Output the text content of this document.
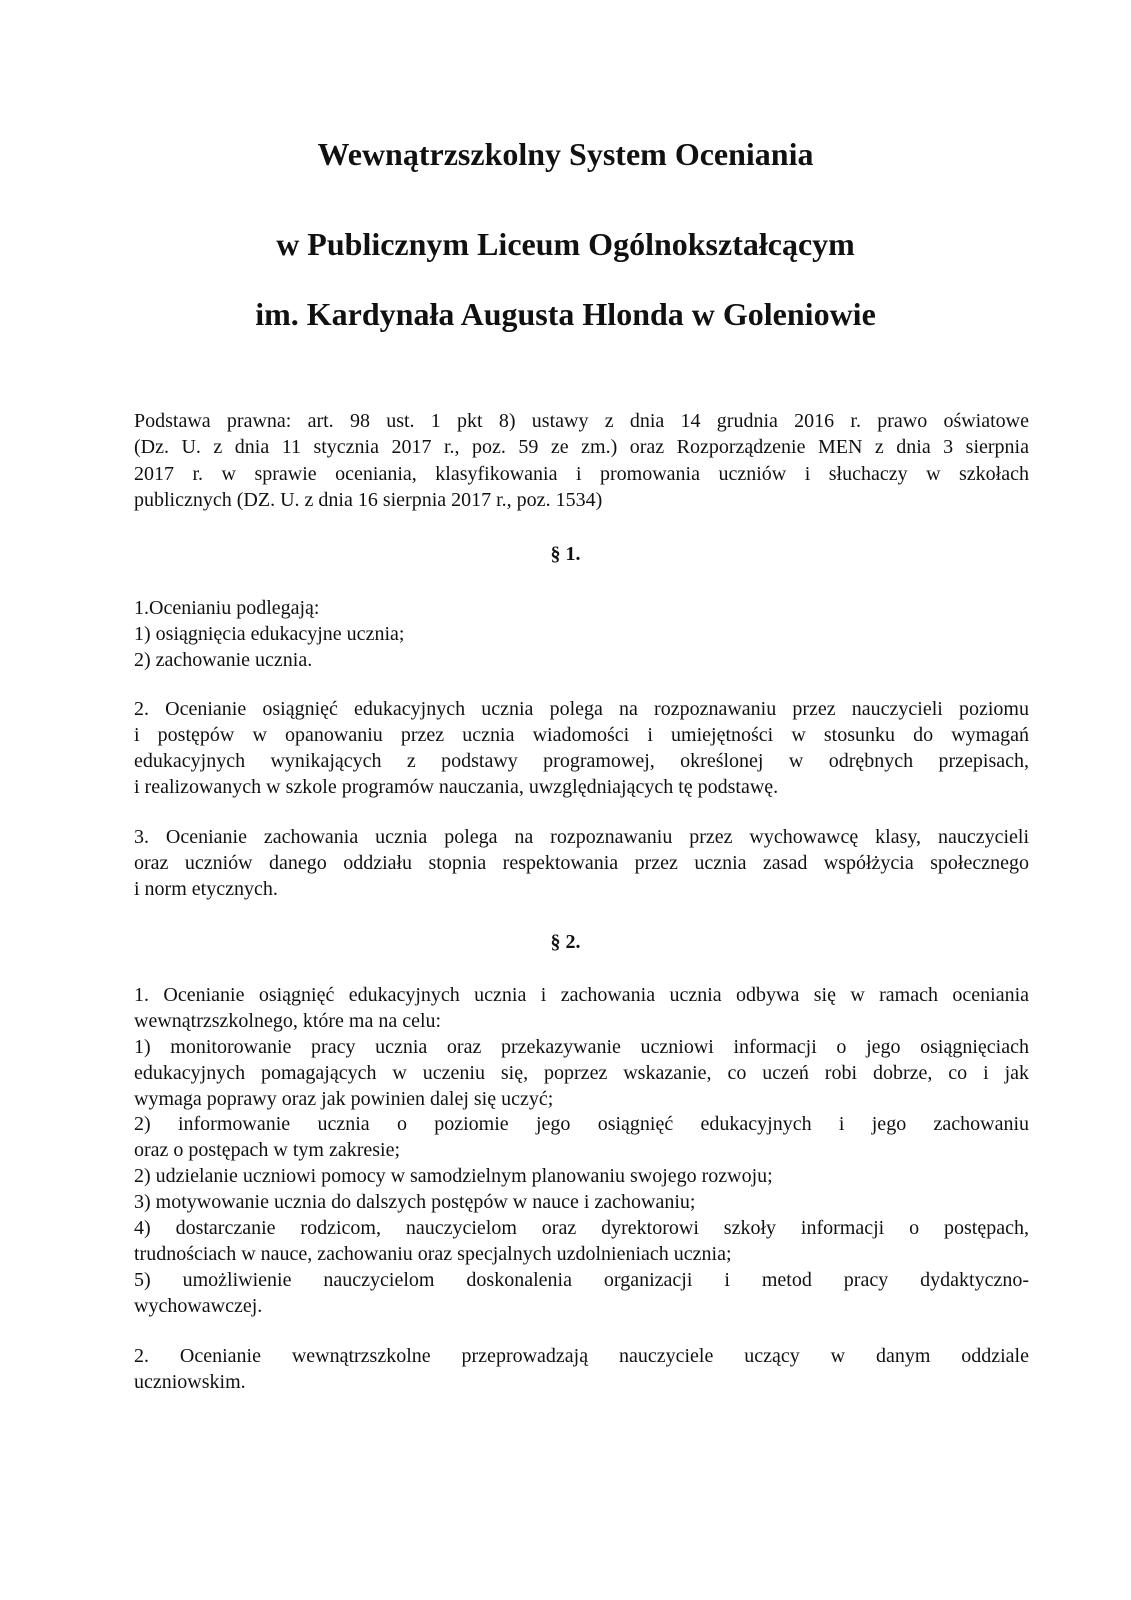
Wewnątrzszkolny System Oceniania
w Publicznym Liceum Ogólnokształcącym
im. Kardynała Augusta Hlonda w Goleniowie
Podstawa prawna: art. 98 ust. 1 pkt 8) ustawy z dnia 14 grudnia 2016 r. prawo oświatowe
(Dz. U. z dnia 11 stycznia 2017 r., poz. 59 ze zm.) oraz Rozporządzenie MEN z dnia 3 sierpnia
2017 r. w sprawie oceniania, klasyfikowania i promowania uczniów i słuchaczy w szkołach
publicznych (DZ. U. z dnia 16 sierpnia 2017 r., poz. 1534)
§ 1.
1.Ocenianiu podlegają:
1) osiągnięcia edukacyjne ucznia;
2) zachowanie ucznia.
2. Ocenianie osiągnięć edukacyjnych ucznia polega na rozpoznawaniu przez nauczycieli poziomu
i postępów w opanowaniu przez ucznia wiadomości i umiejętności w stosunku do wymagań
edukacyjnych wynikających z podstawy programowej, określonej w odrębnych przepisach,
i realizowanych w szkole programów nauczania, uwzględniających tę podstawę.
3. Ocenianie zachowania ucznia polega na rozpoznawaniu przez wychowawcę klasy, nauczycieli
oraz uczniów danego oddziału stopnia respektowania przez ucznia zasad współżycia społecznego
i norm etycznych.
§ 2.
1. Ocenianie osiągnięć edukacyjnych ucznia i zachowania ucznia odbywa się w ramach oceniania
wewnątrzszkolnego, które ma na celu:
1) monitorowanie pracy ucznia oraz przekazywanie uczniowi informacji o jego osiągnięciach
edukacyjnych pomagających w uczeniu się, poprzez wskazanie, co uczeń robi dobrze, co i jak
wymaga poprawy oraz jak powinien dalej się uczyć;
2) informowanie ucznia o poziomie jego osiągnięć edukacyjnych i jego zachowaniu
oraz o postępach w tym zakresie;
2) udzielanie uczniowi pomocy w samodzielnym planowaniu swojego rozwoju;
3) motywowanie ucznia do dalszych postępów w nauce i zachowaniu;
4) dostarczanie rodzicom, nauczycielom oraz dyrektorowi szkoły informacji o postępach,
trudnościach w nauce, zachowaniu oraz specjalnych uzdolnieniach ucznia;
5) umożliwienie nauczycielom doskonalenia organizacji i metod pracy dydaktyczno-
wychowawczej.
2. Ocenianie wewnątrzszkolne przeprowadzają nauczyciele uczący w danym oddziale
uczniowskim.
